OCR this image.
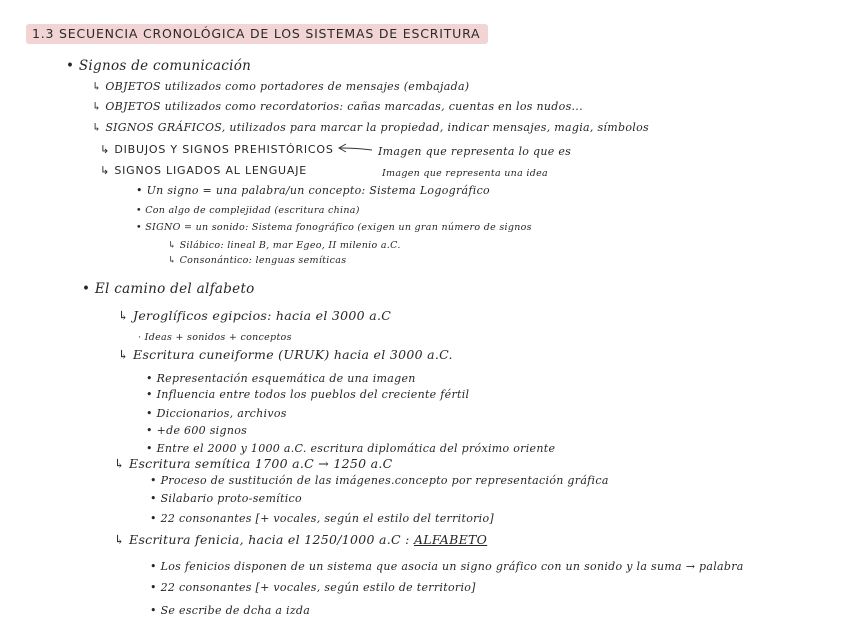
1.3 SECUENCIA CRONOLÓGICA DE LOS SISTEMAS DE ESCRITURA
• Signos de comunicación
↳ OBJETOS utilizados como portadores de mensajes (embajada)
↳ OBJETOS utilizados como recordatorios: cañas marcadas, cuentas en los nudos...
↳ SIGNOS GRÁFICOS, utilizados para marcar la propiedad, indicar mensajes, magia, símbolos
↳ DIBUJOS Y SIGNOS PREHISTÓRICOS	Imagen que representa lo que es
↳ SIGNOS LIGADOS AL LENGUAJE	Imagen que representa una idea
• Un signo = una palabra/un concepto: Sistema Logográfico
• Con algo de complejidad (escritura china)
• SIGNO = un sonido: Sistema fonográfico (exigen un gran número de signos
↳ Silábico: lineal B, mar Egeo, II milenio a.C.
↳ Consonántico: lenguas semíticas
• El camino del alfabeto
↳ Jeroglíficos egipcios: hacia el 3000 a.C
· Ideas + sonidos + conceptos
↳ Escritura cuneiforme (URUK) hacia el 3000 a.C.
• Representación esquemática de una imagen
• Influencia entre todos los pueblos del creciente fértil
• Diccionarios, archivos
• +de 600 signos
• Entre el 2000 y 1000 a.C. escritura diplomática del próximo oriente
↳ Escritura semítica 1700 a.C → 1250 a.C
• Proceso de sustitución de las imágenes.concepto por representación gráfica
• Silabario proto-semítico
• 22 consonantes [+ vocales, según el estilo del territorio]
↳ Escritura fenicia, hacia el 1250/1000 a.C : ALFABETO
• Los fenicios disponen de un sistema que asocia un signo gráfico con un sonido y la suma → palabra
• 22 consonantes [+ vocales, según estilo de territorio]
• Se escribe de dcha a izda
